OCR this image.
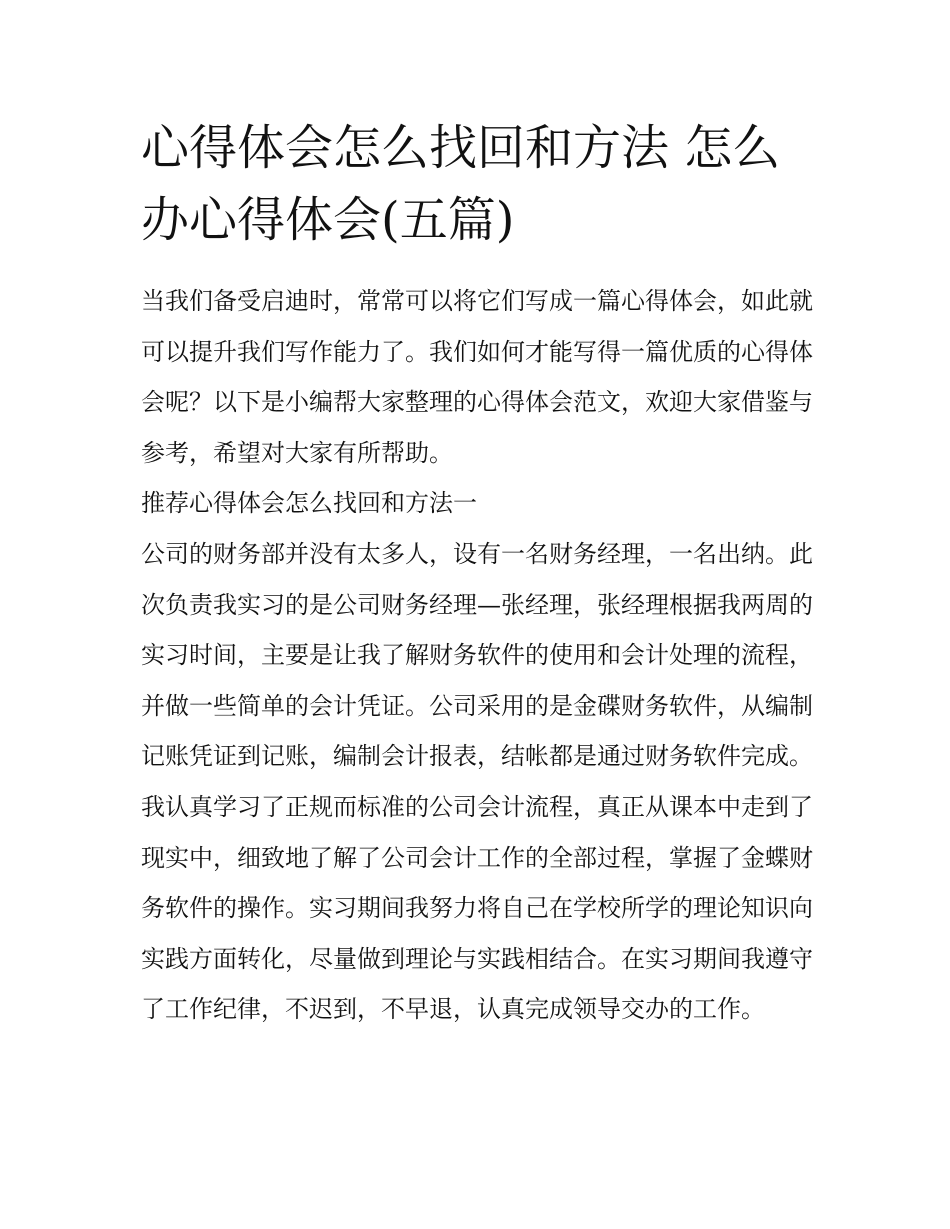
心得体会怎么找回和方法 怎么办心得体会(五篇)

当我们备受启迪时，常常可以将它们写成一篇心得体会，如此就可以提升我们写作能力了。我们如何才能写得一篇优质的心得体会呢？以下是小编帮大家整理的心得体会范文，欢迎大家借鉴与参考，希望对大家有所帮助。

推荐心得体会怎么找回和方法一

公司的财务部并没有太多人，设有一名财务经理，一名出纳。此次负责我实习的是公司财务经理—张经理，张经理根据我两周的实习时间，主要是让我了解财务软件的使用和会计处理的流程，并做一些简单的会计凭证。公司采用的是金碟财务软件，从编制记账凭证到记账，编制会计报表，结帐都是通过财务软件完成。我认真学习了正规而标准的公司会计流程，真正从课本中走到了现实中，细致地了解了公司会计工作的全部过程，掌握了金蝶财务软件的操作。实习期间我努力将自己在学校所学的理论知识向实践方面转化，尽量做到理论与实践相结合。在实习期间我遵守了工作纪律，不迟到，不早退，认真完成领导交办的工作。
